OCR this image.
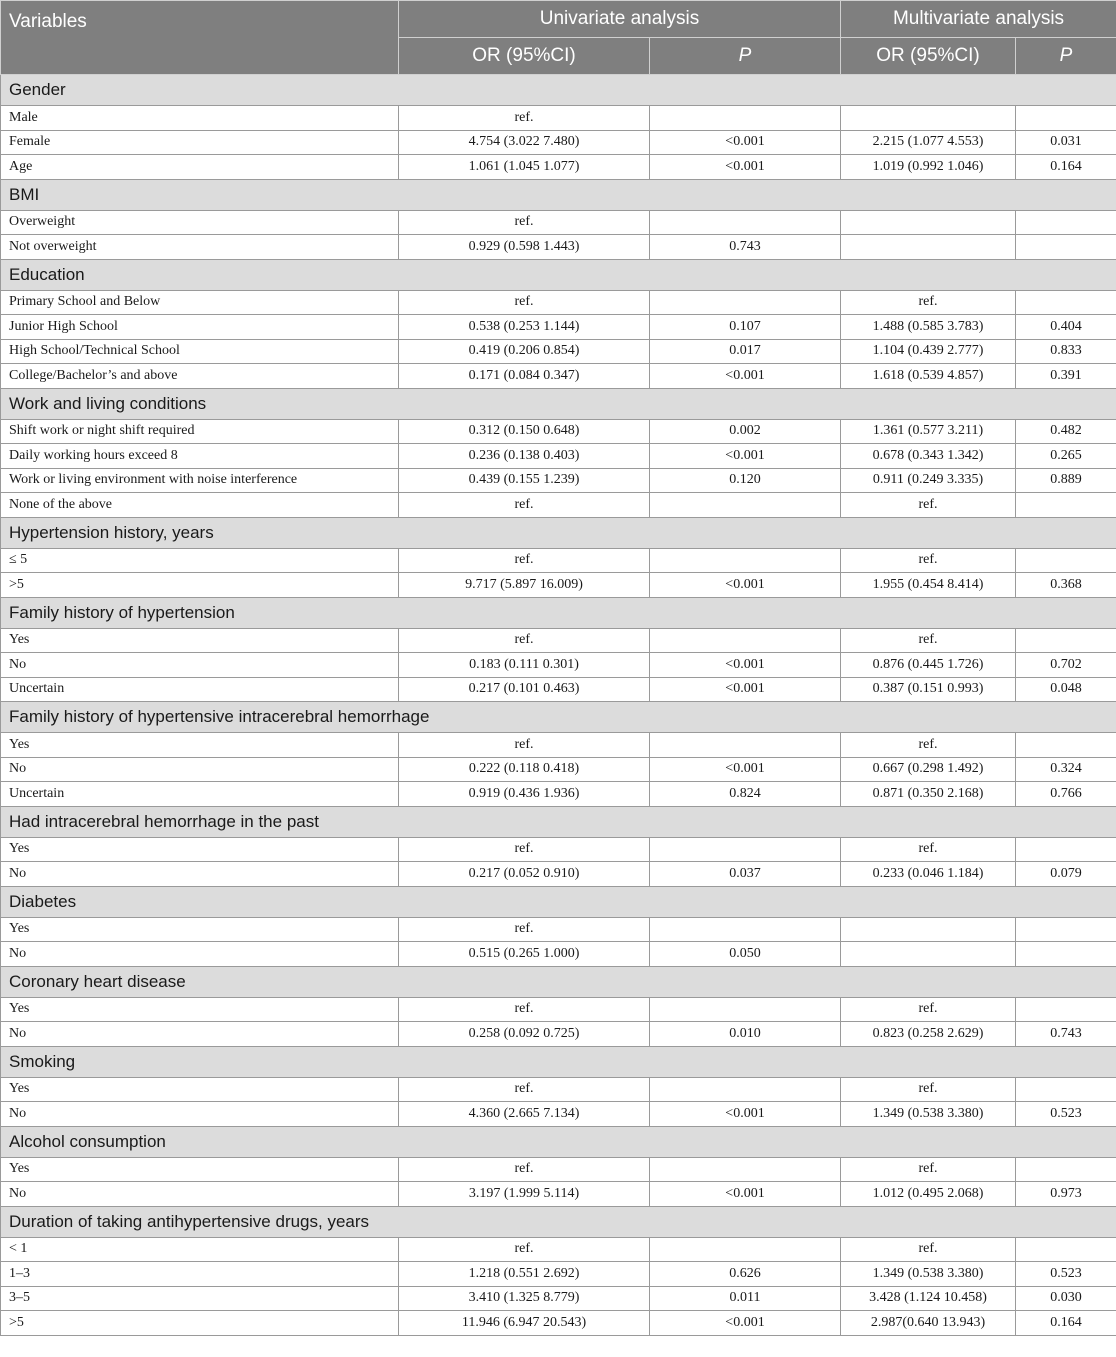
Variables	Univariate analysis		Multivariate analysis	
	OR (95%CI)	P	OR (95%CI)	P
Gender				
Male	ref.			
Female	4.754 (3.022 7.480)	<0.001	2.215 (1.077 4.553)	0.031
Age	1.061 (1.045 1.077)	<0.001	1.019 (0.992 1.046)	0.164
BMI				
Overweight	ref.			
Not overweight	0.929 (0.598 1.443)	0.743		
Education				
Primary School and Below	ref.		ref.	
Junior High School	0.538 (0.253 1.144)	0.107	1.488 (0.585 3.783)	0.404
High School/Technical School	0.419 (0.206 0.854)	0.017	1.104 (0.439 2.777)	0.833
College/Bachelor’s and above	0.171 (0.084 0.347)	<0.001	1.618 (0.539 4.857)	0.391
Work and living conditions				
Shift work or night shift required	0.312 (0.150 0.648)	0.002	1.361 (0.577 3.211)	0.482
Daily working hours exceed 8	0.236 (0.138 0.403)	<0.001	0.678 (0.343 1.342)	0.265
Work or living environment with noise interference	0.439 (0.155 1.239)	0.120	0.911 (0.249 3.335)	0.889
None of the above	ref.		ref.	
Hypertension history, years				
≤ 5	ref.		ref.	
>5	9.717 (5.897 16.009)	<0.001	1.955 (0.454 8.414)	0.368
Family history of hypertension				
Yes	ref.		ref.	
No	0.183 (0.111 0.301)	<0.001	0.876 (0.445 1.726)	0.702
Uncertain	0.217 (0.101 0.463)	<0.001	0.387 (0.151 0.993)	0.048
Family history of hypertensive intracerebral hemorrhage				
Yes	ref.		ref.	
No	0.222 (0.118 0.418)	<0.001	0.667 (0.298 1.492)	0.324
Uncertain	0.919 (0.436 1.936)	0.824	0.871 (0.350 2.168)	0.766
Had intracerebral hemorrhage in the past				
Yes	ref.		ref.	
No	0.217 (0.052 0.910)	0.037	0.233 (0.046 1.184)	0.079
Diabetes				
Yes	ref.			
No	0.515 (0.265 1.000)	0.050		
Coronary heart disease				
Yes	ref.		ref.	
No	0.258 (0.092 0.725)	0.010	0.823 (0.258 2.629)	0.743
Smoking				
Yes	ref.		ref.	
No	4.360 (2.665 7.134)	<0.001	1.349 (0.538 3.380)	0.523
Alcohol consumption				
Yes	ref.		ref.	
No	3.197 (1.999 5.114)	<0.001	1.012 (0.495 2.068)	0.973
Duration of taking antihypertensive drugs, years				
< 1	ref.		ref.	
1–3	1.218 (0.551 2.692)	0.626	1.349 (0.538 3.380)	0.523
3–5	3.410 (1.325 8.779)	0.011	3.428 (1.124 10.458)	0.030
>5	11.946 (6.947 20.543)	<0.001	2.987(0.640 13.943)	0.164
